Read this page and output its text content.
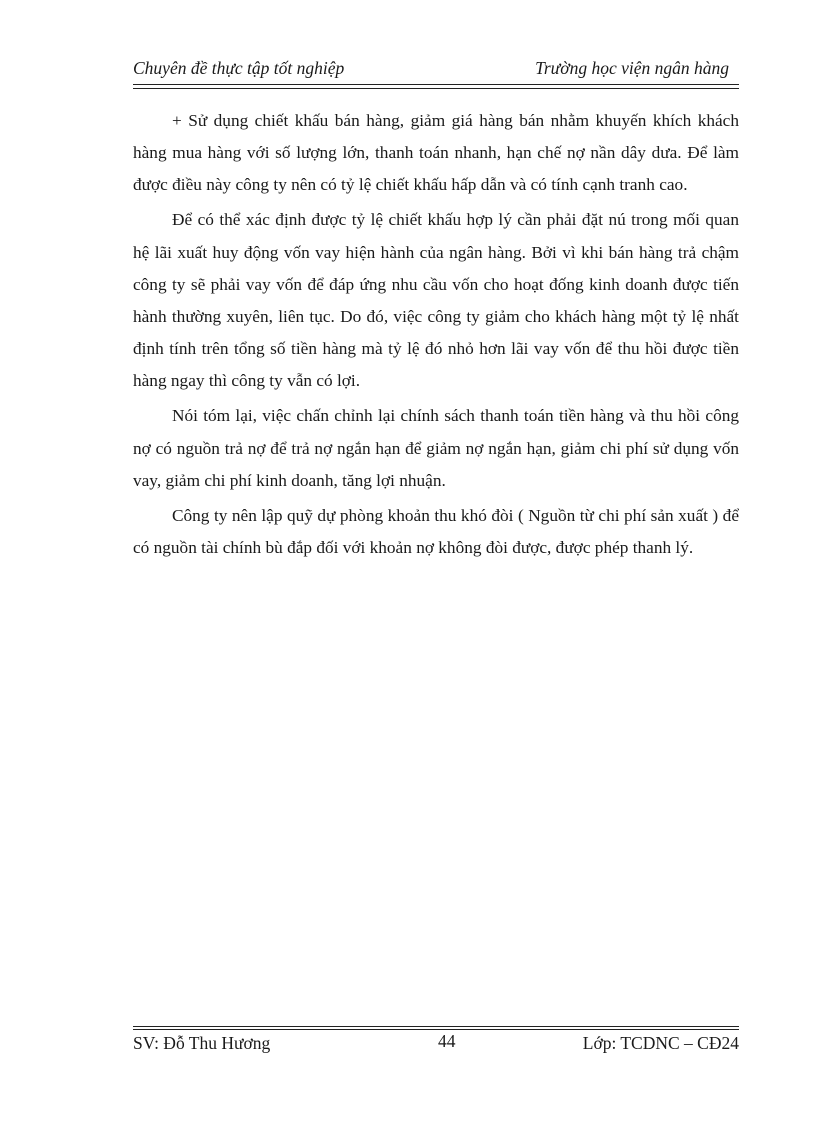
Chuyên đề thực tập tốt nghiệp	Trường học viện ngân hàng

+ Sử dụng chiết khấu bán hàng, giảm giá hàng bán nhằm khuyến khích khách hàng mua hàng với số lượng lớn, thanh toán nhanh, hạn chế nợ nần dây dưa. Để làm được điều này công ty nên có tỷ lệ chiết khấu hấp dẫn và có tính cạnh tranh cao.

Để có thể xác định được tỷ lệ chiết khấu hợp lý cần phải đặt nú trong mối quan hệ lãi xuất huy động vốn vay hiện hành của ngân hàng. Bởi vì khi bán hàng trả chậm công ty sẽ phải vay vốn để đáp ứng nhu cầu vốn cho hoạt đống kinh doanh được tiến hành thường xuyên, liên tục. Do đó, việc công ty giảm cho khách hàng một tỷ lệ nhất định tính trên tổng số tiền hàng mà tỷ lệ đó nhỏ hơn lãi vay vốn để thu hồi được tiền hàng ngay thì công ty vẫn có lợi.

Nói tóm lại, việc chấn chỉnh lại chính sách thanh toán tiền hàng và thu hồi công nợ có nguồn trả nợ để trả nợ ngắn hạn để giảm nợ ngắn hạn, giảm chi phí sử dụng vốn vay, giảm chi phí kinh doanh, tăng lợi nhuận.

Công ty nên lập quỹ dự phòng khoản thu khó đòi ( Nguồn từ chi phí sản xuất ) để có nguồn tài chính bù đắp đối với khoản nợ không đòi được, được phép thanh lý.

SV: Đỗ Thu Hương	44	Lớp: TCDNC – CĐ24
